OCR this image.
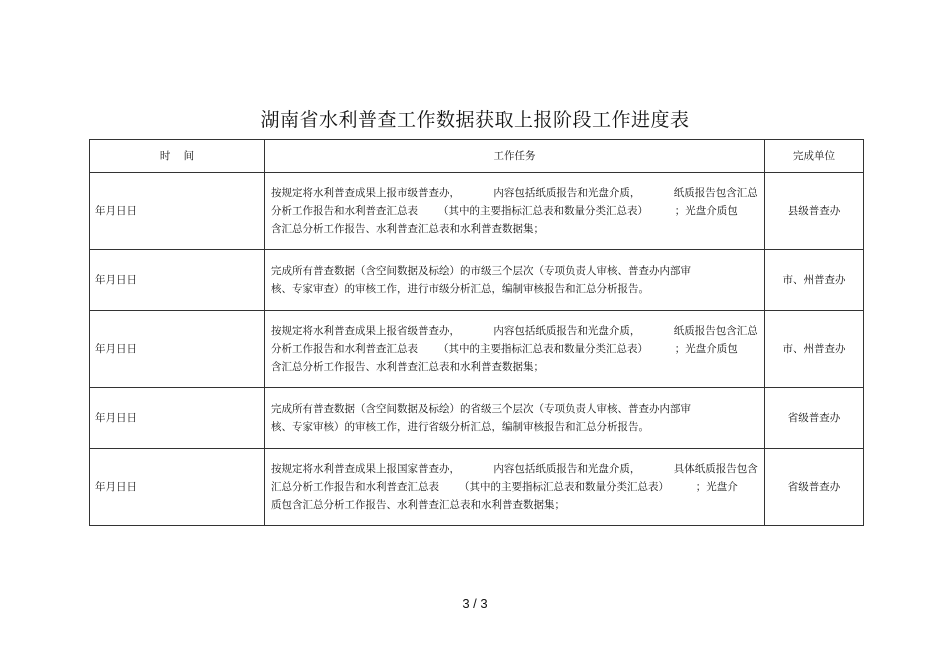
湖南省水利普查工作数据获取上报阶段工作进度表
时    间	工作任务	完成单位
年月日日	按规定将水利普查成果上报市级普查办，          内容包括纸质报告和光盘介质，          纸质报告包含汇总
分析工作报告和水利普查汇总表      （其中的主要指标汇总表和数量分类汇总表）        ；光盘介质包
含汇总分析工作报告、水利普查汇总表和水利普查数据集；	县级普查办
年月日日	完成所有普查数据（含空间数据及标绘）的市级三个层次（专项负责人审核、普查办内部审
核、专家审查）的审核工作，进行市级分析汇总，编制审核报告和汇总分析报告。	市、州普查办
年月日日	按规定将水利普查成果上报省级普查办，          内容包括纸质报告和光盘介质，          纸质报告包含汇总
分析工作报告和水利普查汇总表      （其中的主要指标汇总表和数量分类汇总表）        ；光盘介质包
含汇总分析工作报告、水利普查汇总表和水利普查数据集；	市、州普查办
年月日日	完成所有普查数据（含空间数据及标绘）的省级三个层次（专项负责人审核、普查办内部审
核、专家审核）的审核工作，进行省级分析汇总，编制审核报告和汇总分析报告。	省级普查办
年月日日	按规定将水利普查成果上报国家普查办，          内容包括纸质报告和光盘介质，          具体纸质报告包含
汇总分析工作报告和水利普查汇总表      （其中的主要指标汇总表和数量分类汇总表）        ；光盘介
质包含汇总分析工作报告、水利普查汇总表和水利普查数据集；	省级普查办
3 / 3
